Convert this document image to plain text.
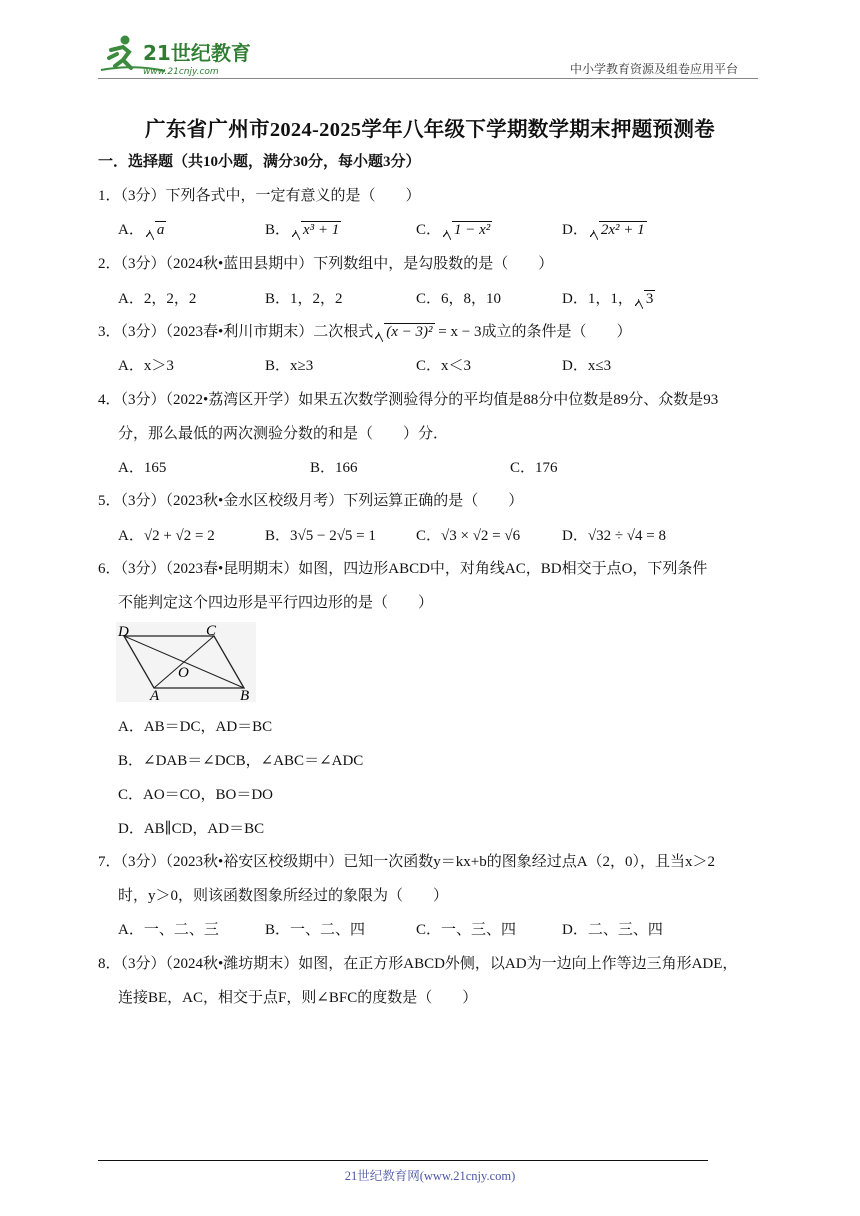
21世纪教育
www.21cnjy.com	中小学教育资源及组卷应用平台
广东省广州市2024-2025学年八年级下学期数学期末押题预测卷
一．选择题（共10小题，满分30分，每小题3分）
1．（3分）下列各式中，一定有意义的是（　　）
A． a	B． x³ + 1	C． 1 − x²	D． 2x² + 1
2．（3分）（2024秋•蓝田县期中）下列数组中，是勾股数的是（　　）
A．2，2，2	B．1，2，2	C．6，8，10	D．1，1， 3
3．（3分）（2023春•利川市期末）二次根式 (x − 3)² = x − 3成立的条件是（　　）
A．x＞3	B．x≥3	C．x＜3	D．x≤3
4．（3分）（2022•荔湾区开学）如果五次数学测验得分的平均值是88分中位数是89分、众数是93
分，那么最低的两次测验分数的和是（　　）分．
A．165	B．166	C．176
5．（3分）（2023秋•金水区校级月考）下列运算正确的是（　　）
A．√2 + √2 = 2	B．3√5 − 2√5 = 1	C．√3 × √2 = √6	D．√32 ÷ √4 = 8
6．（3分）（2023春•昆明期末）如图，四边形ABCD中，对角线AC，BD相交于点O，下列条件
不能判定这个四边形是平行四边形的是（　　）
D	C
O
A	B
A．AB＝DC，AD＝BC
B．∠DAB＝∠DCB，∠ABC＝∠ADC
C．AO＝CO，BO＝DO
D．AB∥CD，AD＝BC
7．（3分）（2023秋•裕安区校级期中）已知一次函数y＝kx+b的图象经过点A（2，0），且当x＞2
时，y＞0，则该函数图象所经过的象限为（　　）
A．一、二、三	B．一、二、四	C．一、三、四	D．二、三、四
8．（3分）（2024秋•潍坊期末）如图，在正方形ABCD外侧，以AD为一边向上作等边三角形ADE，
连接BE，AC，相交于点F，则∠BFC的度数是（　　）
21世纪教育网(www.21cnjy.com)
